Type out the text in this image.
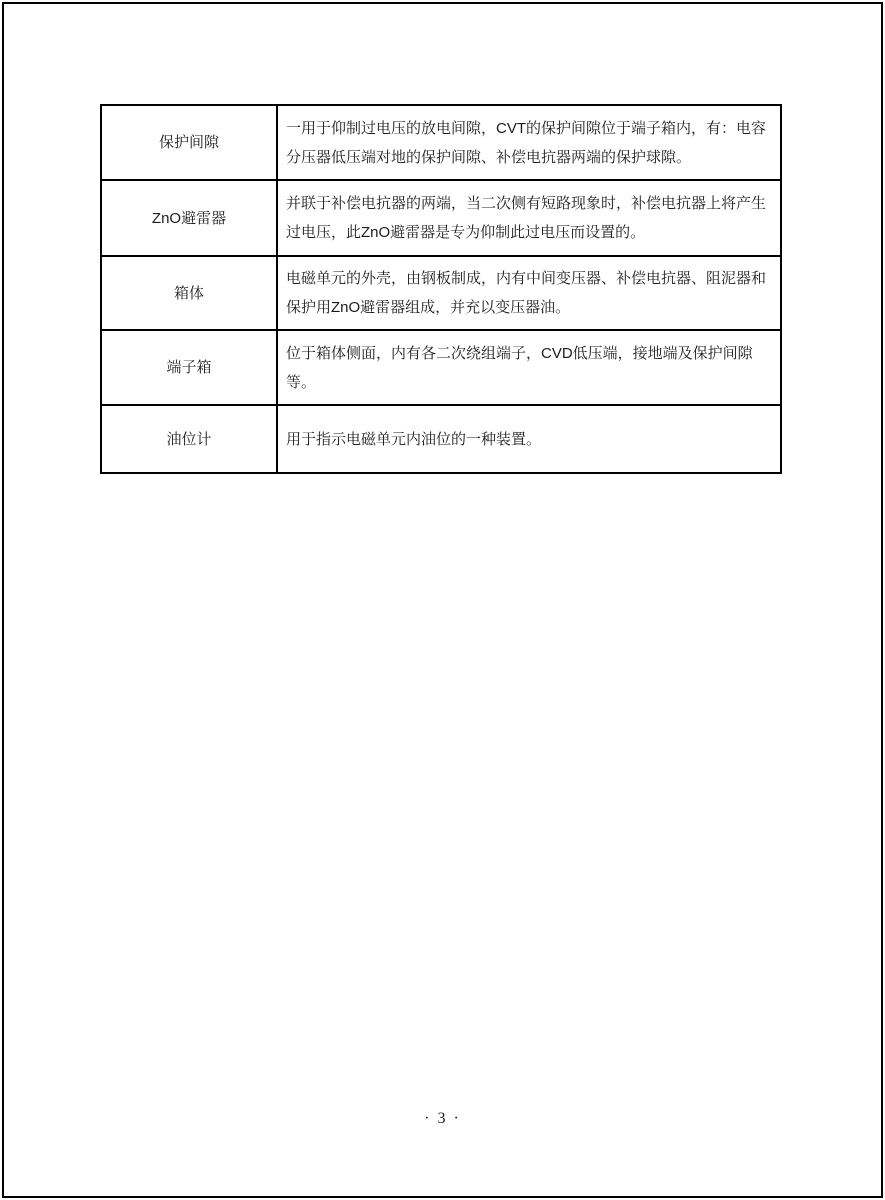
保护间隙	一用于仰制过电压的放电间隙，CVT的保护间隙位于端子箱内，有：电容分压器低压端对地的保护间隙、补偿电抗器两端的保护球隙。
ZnO避雷器	并联于补偿电抗器的两端，当二次侧有短路现象时，补偿电抗器上将产生过电压，此ZnO避雷器是专为仰制此过电压而设置的。
箱体	电磁单元的外壳，由钢板制成，内有中间变压器、补偿电抗器、阻泥器和保护用ZnO避雷器组成，并充以变压器油。
端子箱	位于箱体侧面，内有各二次绕组端子，CVD低压端，接地端及保护间隙等。
油位计	用于指示电磁单元内油位的一种装置。
· 3 ·
